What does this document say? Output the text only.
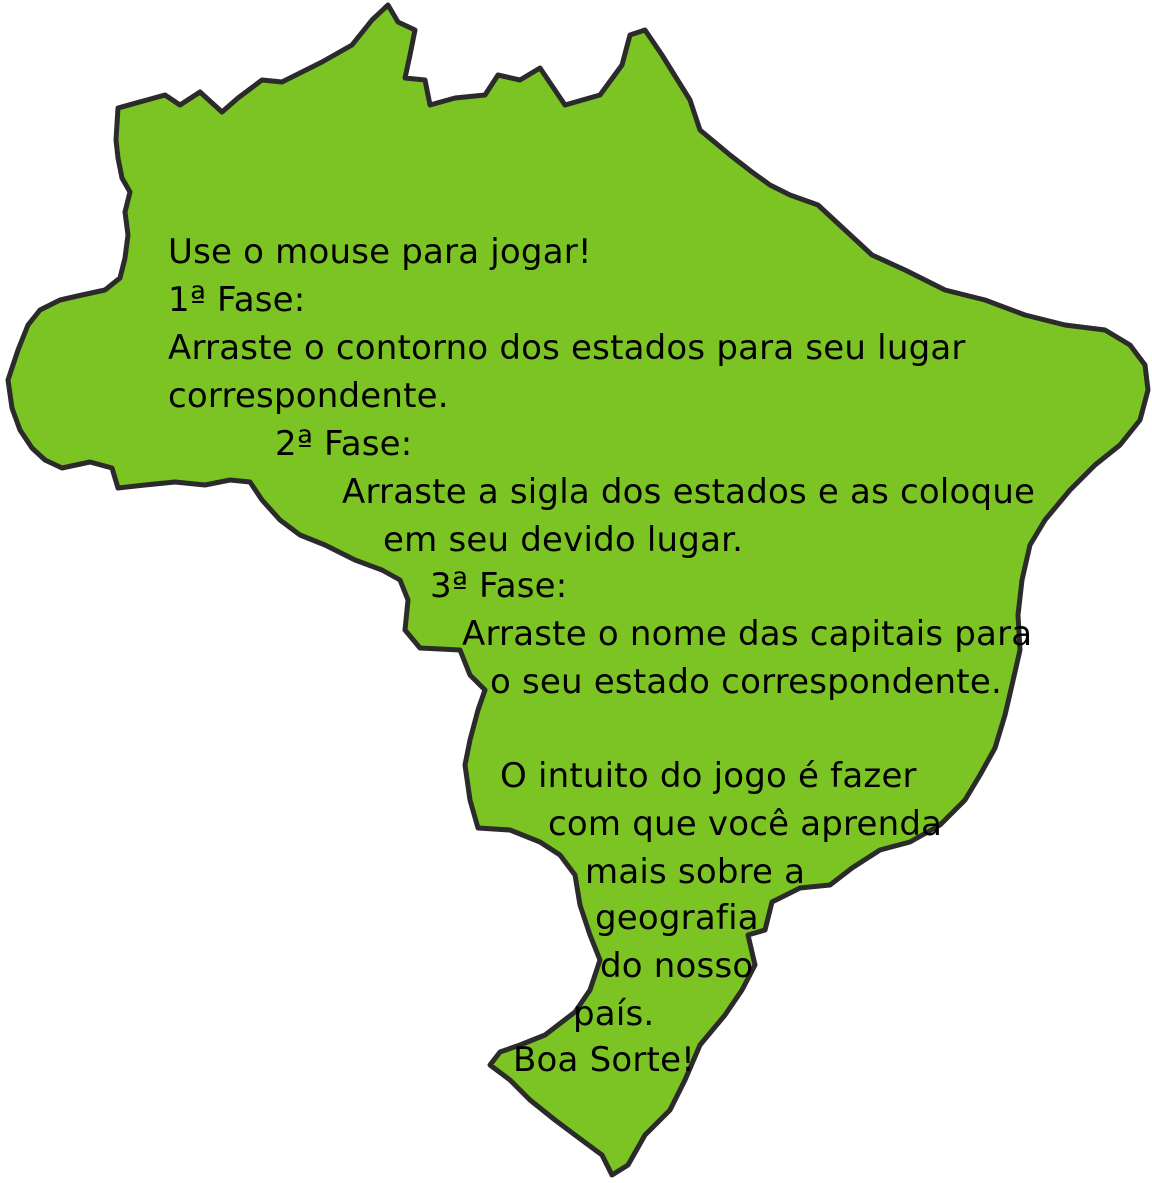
Use o mouse para jogar!

1ª Fase:

Arraste o contorno dos estados para seu lugar

correspondente.

2ª Fase:

Arraste a sigla dos estados e as coloque

em seu devido lugar.

3ª Fase:

Arraste o nome das capitais para

o seu estado correspondente.

O intuito do jogo é fazer

com que você aprenda

mais sobre a

geografia

do nosso

país.

Boa Sorte!
